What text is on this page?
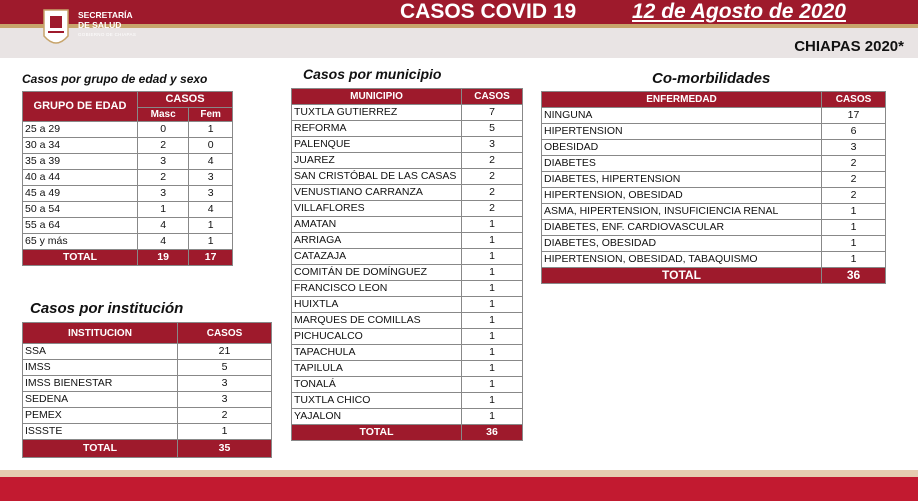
SECRETARÍA
DE SALUD
GOBIERNO DE CHIAPAS
CASOS COVID 19	12 de Agosto de 2020
CHIAPAS 2020*
Casos por grupo de edad y sexo
GRUPO DE EDAD	CASOS	
	Masc	Fem
25 a 29	0	1
30 a 34	2	0
35 a 39	3	4
40 a 44	2	3
45 a 49	3	3
50 a 54	1	4
55 a 64	4	1
65 y más	4	1
TOTAL	19	17
Casos por institución
INSTITUCION	CASOS
SSA	21
IMSS	5
IMSS BIENESTAR	3
SEDENA	3
PEMEX	2
ISSSTE	1
TOTAL	35
Casos por municipio
MUNICIPIO	CASOS
TUXTLA GUTIERREZ	7
REFORMA	5
PALENQUE	3
JUAREZ	2
SAN CRISTÓBAL DE LAS CASAS	2
VENUSTIANO CARRANZA	2
VILLAFLORES	2
AMATAN	1
ARRIAGA	1
CATAZAJA	1
COMITÁN DE DOMÍNGUEZ	1
FRANCISCO LEON	1
HUIXTLA	1
MARQUES DE COMILLAS	1
PICHUCALCO	1
TAPACHULA	1
TAPILULA	1
TONALÁ	1
TUXTLA CHICO	1
YAJALON	1
TOTAL	36
Co-morbilidades
ENFERMEDAD	CASOS
NINGUNA	17
HIPERTENSION	6
OBESIDAD	3
DIABETES	2
DIABETES, HIPERTENSION	2
HIPERTENSION, OBESIDAD	2
ASMA, HIPERTENSION, INSUFICIENCIA RENAL	1
DIABETES, ENF. CARDIOVASCULAR	1
DIABETES, OBESIDAD	1
HIPERTENSION, OBESIDAD, TABAQUISMO	1
TOTAL	36
